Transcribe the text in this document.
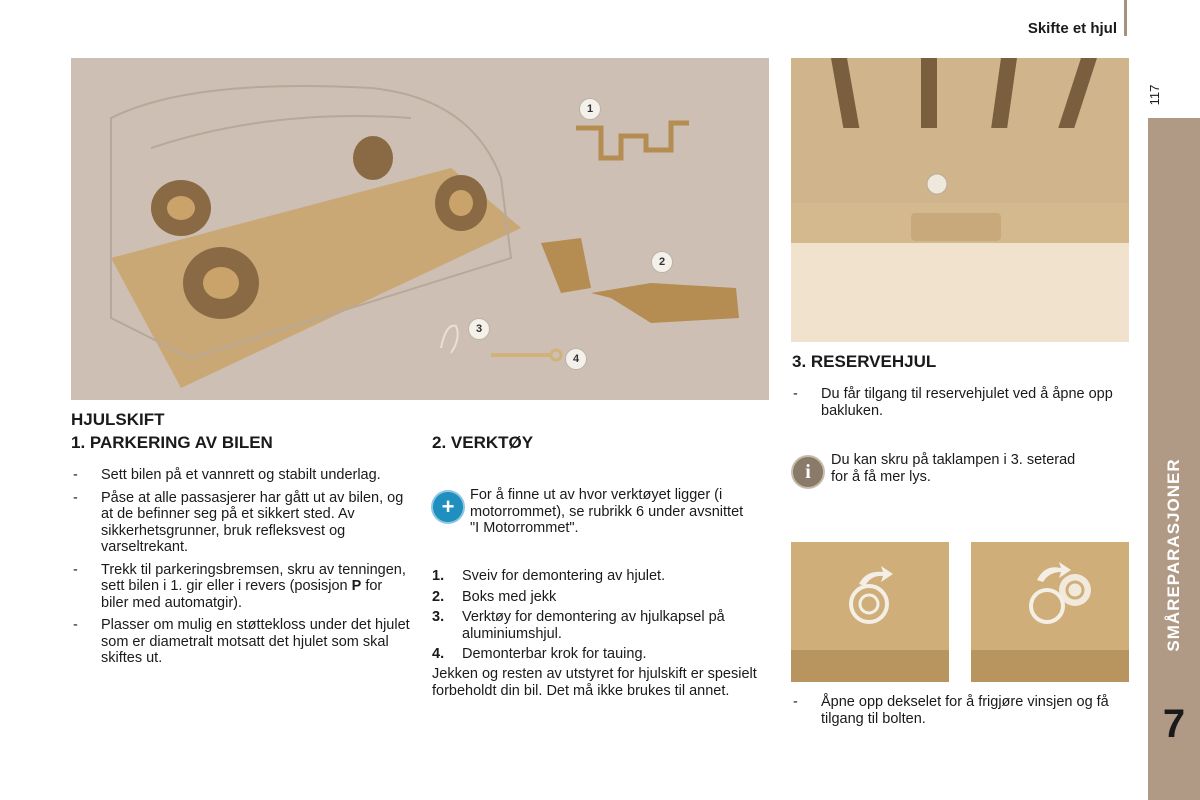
Skifte et hjul
117
SMÅREPARASJONER
7
1
2
3
4
HJULSKIFT
1. PARKERING AV BILEN
- Sett bilen på et vannrett og stabilt underlag.
- Påse at alle passasjerer har gått ut av bilen, og at de befinner seg på et sikkert sted. Av sikkerhetsgrunner, bruk refleksvest og varseltrekant.
- Trekk til parkeringsbremsen, skru av tenningen, sett bilen i 1. gir eller i revers (posisjon P for biler med automatgir).
- Plasser om mulig en støttekloss under det hjulet som er diametralt motsatt det hjulet som skal skiftes ut.
2. VERKTØY
+	For å finne ut av hvor verktøyet ligger (i motorrommet), se rubrikk 6 under avsnittet "I Motorrommet".
1. Sveiv for demontering av hjulet.
2. Boks med jekk
3. Verktøy for demontering av hjulkapsel på aluminiumshjul.
4. Demonterbar krok for tauing.
Jekken og resten av utstyret for hjulskift er spesielt forbeholdt din bil. Det må ikke brukes til annet.
3. RESERVEHJUL
- Du får tilgang til reservehjulet ved å åpne opp bakluken.
i
Du kan skru på taklampen i 3. seterad for å få mer lys.
- Åpne opp dekselet for å frigjøre vinsjen og få tilgang til bolten.
